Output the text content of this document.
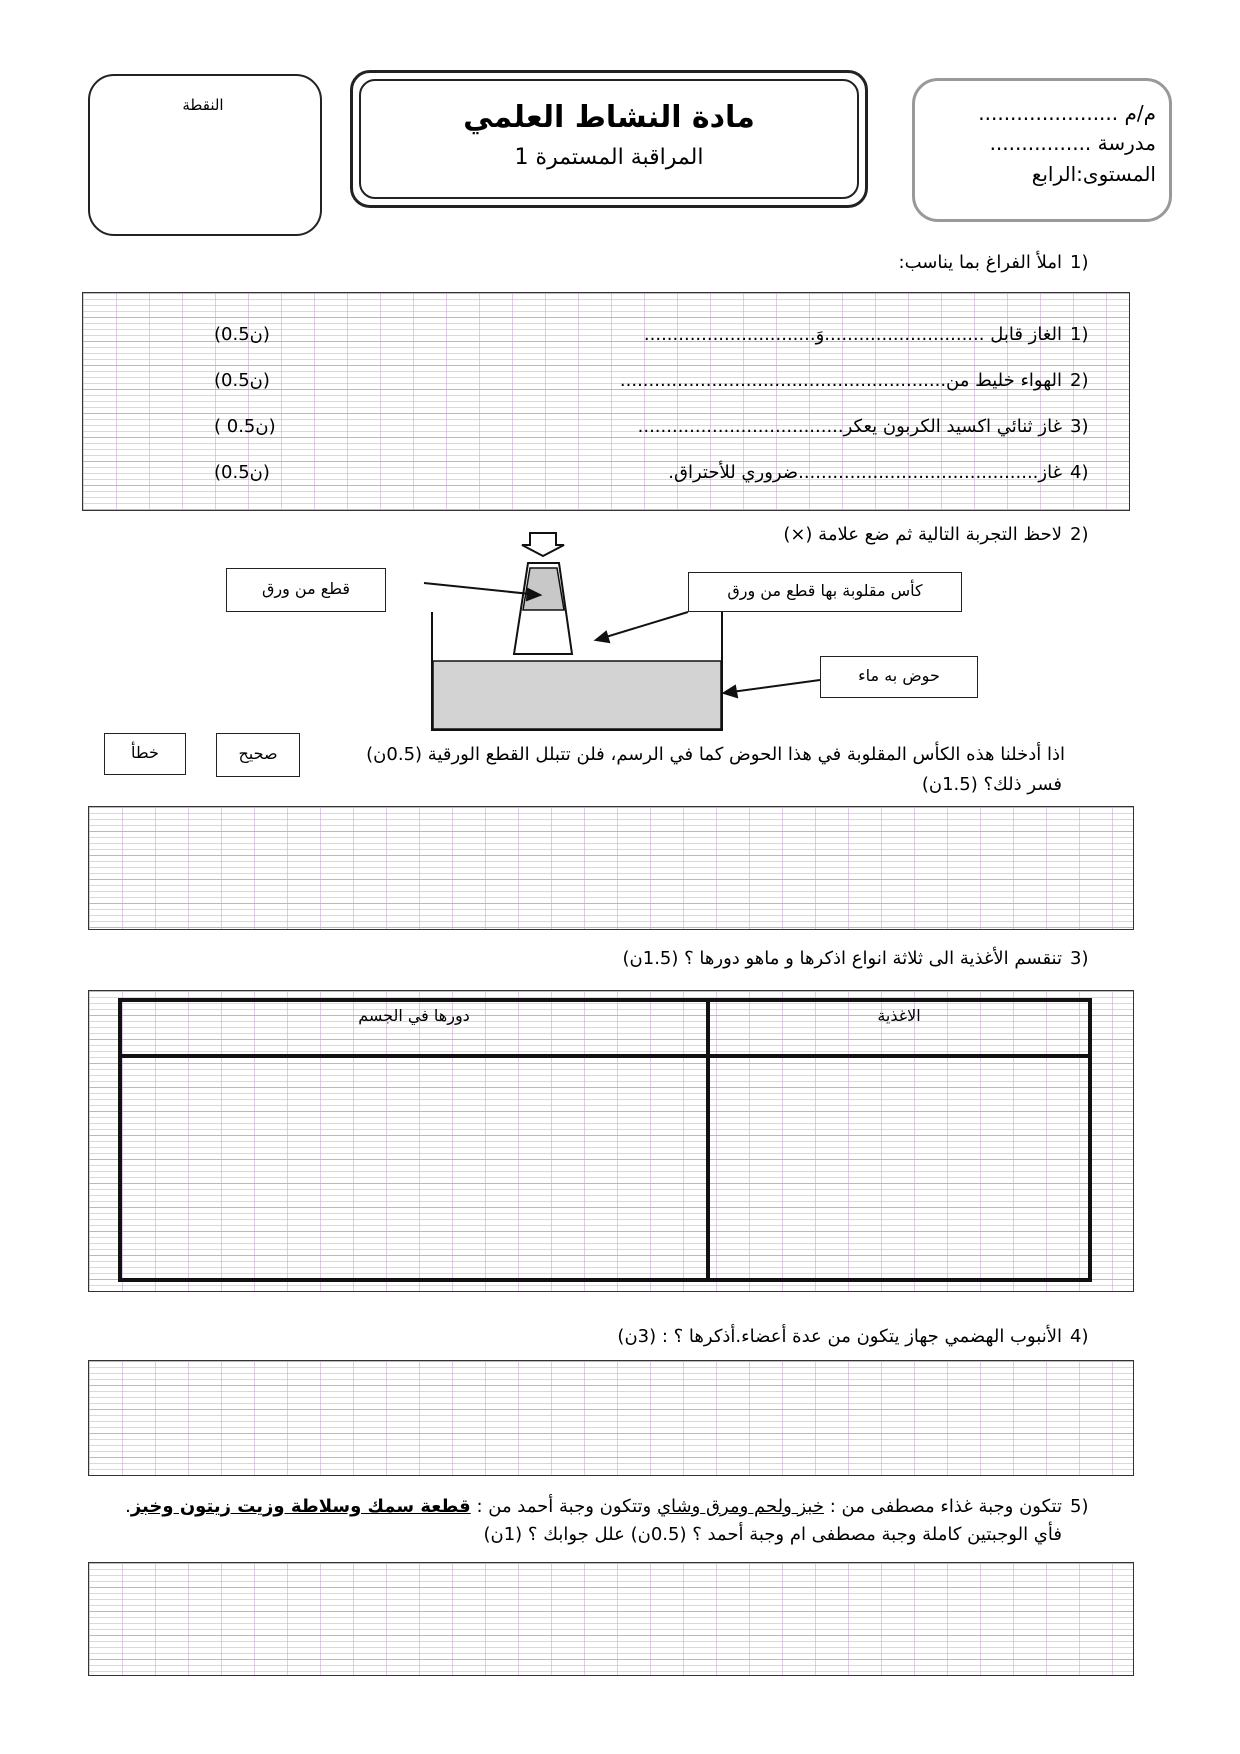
م/م ......................
مدرسة ................
المستوى:الرابع
مادة النشاط العلمي
المراقبة المستمرة 1
النقطة
1)
املأ الفراغ بما يناسب:
1)
الغاز قابل ............................وَ..............................
(0.5ن)
2)
الهواء خليط من.........................................................
(0.5ن)
3)
غاز ثنائي اكسيد الكربون يعكر....................................
( 0.5ن)
4)
غاز..........................................ضروري للأحتراق.
(0.5ن)
2)
لاحظ التجربة التالية ثم ضع علامة (×)
قطع من ورق	كأس مقلوبة بها قطع من ورق
حوض به ماء
خطأ	صحيح	اذا أدخلنا هذه الكأس المقلوبة في هذا الحوض كما في الرسم، فلن تتبلل القطع الورقية (0.5ن)
فسر ذلك؟ (1.5ن)
3)
تنقسم الأغذية الى ثلاثة انواع اذكرها و ماهو دورها ؟ (1.5ن)
دورها في الجسم	الاغذية

4)
الأنبوب الهضمي جهاز يتكون من عدة أعضاء.أذكرها ؟ : (3ن)
5)
تتكون وجبة غذاء مصطفى من : خبز ولحم ومرق وشاي وتتكون وجبة أحمد من : قطعة سمك وسلاطة وزيت زيتون وخبز.
فأي الوجبتين كاملة وجبة مصطفى ام وجبة أحمد ؟ (0.5ن) علل جوابك ؟ (1ن)
